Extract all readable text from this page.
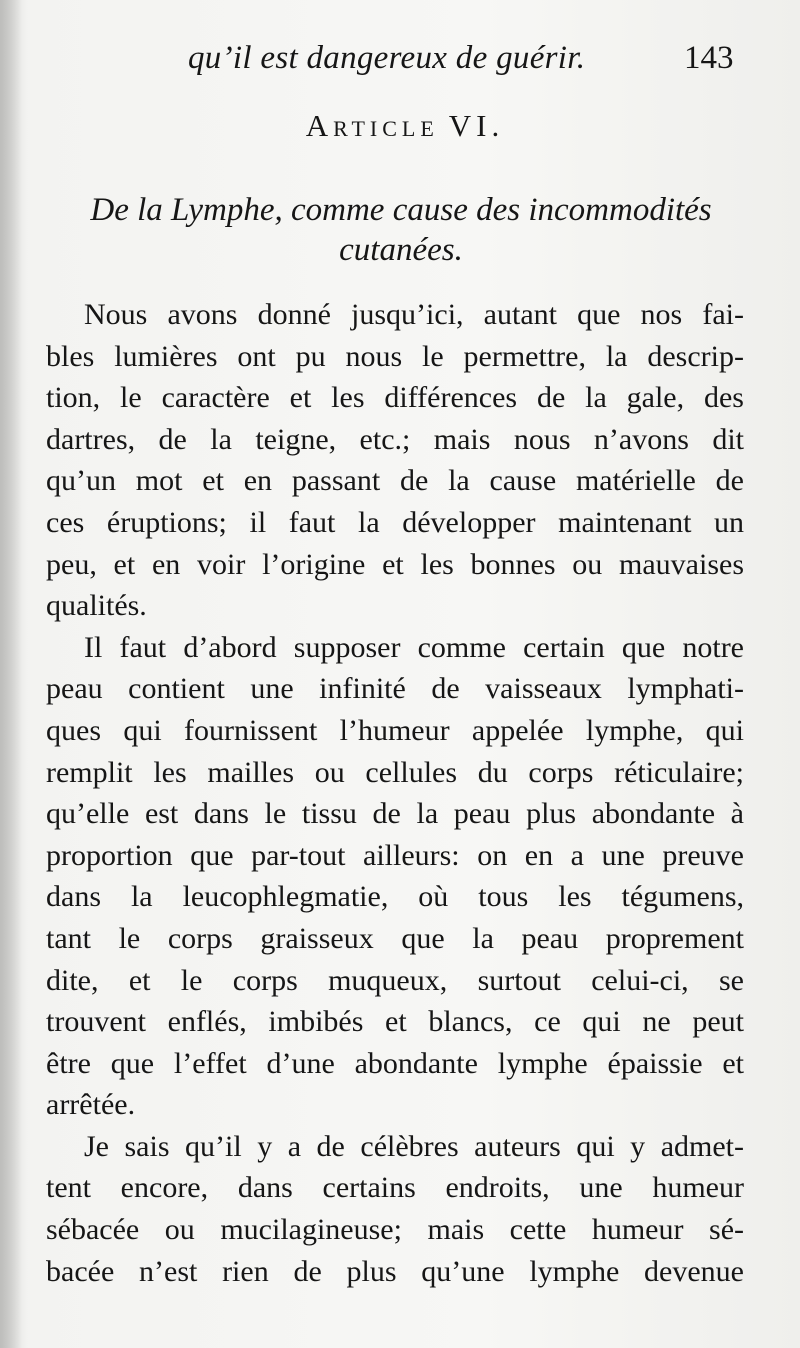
qu’il est dangereux de guérir.	143
Article VI.
De la Lymphe, comme cause des incommodités
cutanées.
Nous avons donné jusqu’ici, autant que nos fai-
bles lumières ont pu nous le permettre, la descrip-
tion, le caractère et les différences de la gale, des
dartres, de la teigne, etc.; mais nous n’avons dit
qu’un mot et en passant de la cause matérielle de
ces éruptions; il faut la développer maintenant un
peu, et en voir l’origine et les bonnes ou mauvaises
qualités.
Il faut d’abord supposer comme certain que notre
peau contient une infinité de vaisseaux lymphati-
ques qui fournissent l’humeur appelée lymphe, qui
remplit les mailles ou cellules du corps réticulaire;
qu’elle est dans le tissu de la peau plus abondante à
proportion que par-tout ailleurs: on en a une preuve
dans la leucophlegmatie, où tous les tégumens,
tant le corps graisseux que la peau proprement
dite, et le corps muqueux, surtout celui-ci, se
trouvent enflés, imbibés et blancs, ce qui ne peut
être que l’effet d’une abondante lymphe épaissie et
arrêtée.
Je sais qu’il y a de célèbres auteurs qui y admet-
tent encore, dans certains endroits, une humeur
sébacée ou mucilagineuse; mais cette humeur sé-
bacée n’est rien de plus qu’une lymphe devenue
